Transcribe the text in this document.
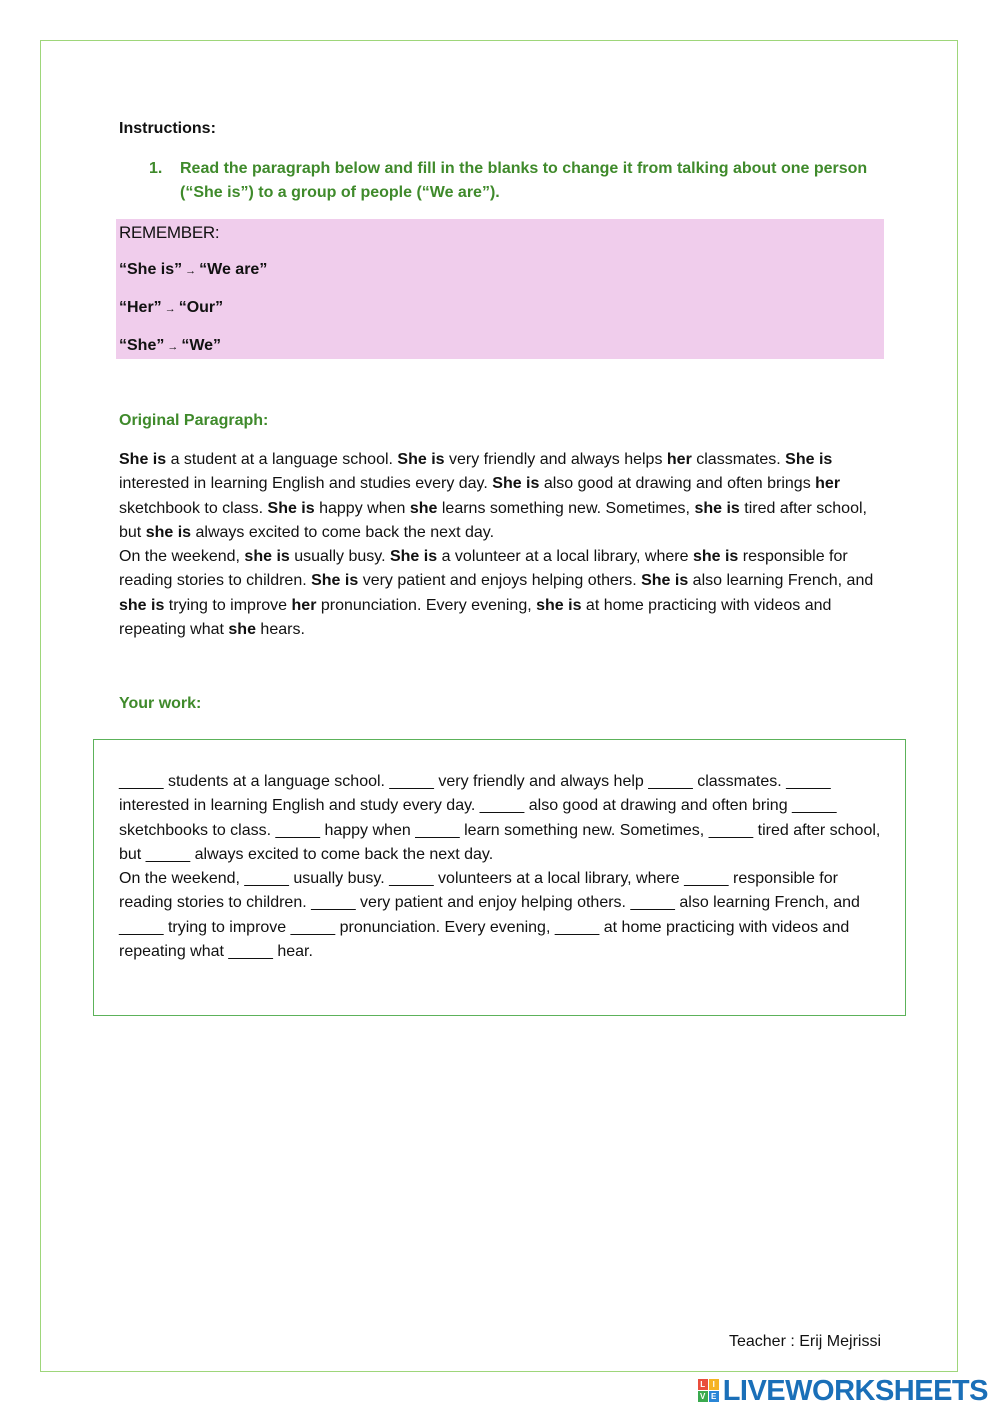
Instructions:
1.	Read the paragraph below and fill in the blanks to change it from talking about one person (“She is”) to a group of people (“We are”).
REMEMBER:
“She is” → “We are”
“Her” → “Our”
“She” → “We”
Original Paragraph:

She is a student at a language school. She is very friendly and always helps her classmates. She is interested in learning English and studies every day. She is also good at drawing and often brings her sketchbook to class. She is happy when she learns something new. Sometimes, she is tired after school, but she is always excited to come back the next day.

On the weekend, she is usually busy. She is a volunteer at a local library, where she is responsible for reading stories to children. She is very patient and enjoys helping others. She is also learning French, and she is trying to improve her pronunciation. Every evening, she is at home practicing with videos and repeating what she hears.

Your work:

_____ students at a language school. _____ very friendly and always help _____ classmates. _____ interested in learning English and study every day. _____ also good at drawing and often bring _____ sketchbooks to class. _____ happy when _____ learn something new. Sometimes, _____ tired after school, but _____ always excited to come back the next day.

On the weekend, _____ usually busy. _____ volunteers at a local library, where _____ responsible for reading stories to children. _____ very patient and enjoy helping others. _____ also learning French, and _____ trying to improve _____ pronunciation. Every evening, _____ at home practicing with videos and repeating what _____ hear.

Teacher : Erij Mejrissi
L I
V E LIVEWORKSHEETS
